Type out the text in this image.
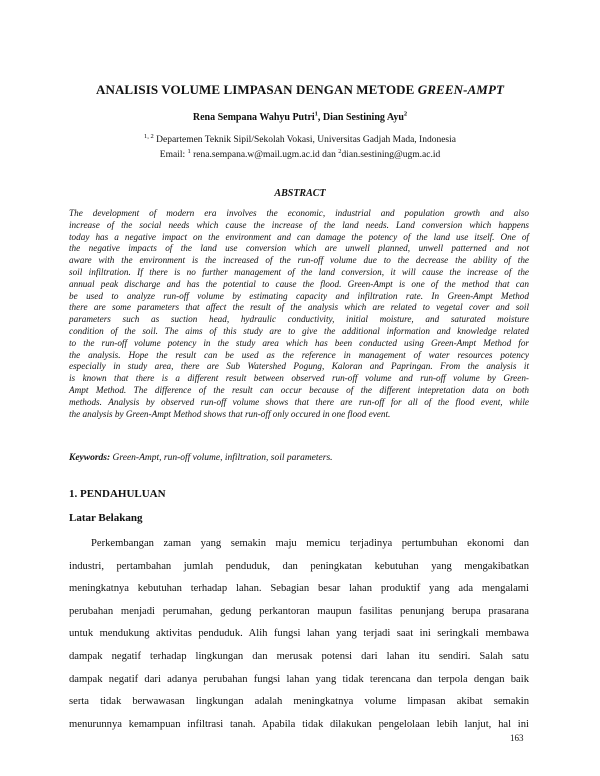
ANALISIS VOLUME LIMPASAN DENGAN METODE GREEN-AMPT
Rena Sempana Wahyu Putri$^1$, Dian Sestining Ayu$^2$
$^{1, 2}$ Departemen Teknik Sipil/Sekolah Vokasi, Universitas Gadjah Mada, Indonesia
Email: $^1$ rena.sempana.w@mail.ugm.ac.id dan $^2$dian.sestining@ugm.ac.id
ABSTRACT
The development of modern era involves the economic, industrial and population growth and also
increase of the social needs which cause the increase of the land needs. Land conversion which happens
today has a negative impact on the environment and can damage the potency of the land use itself. One of
the negative impacts of the land use conversion which are unwell planned, unwell patterned and not
aware with the environment is the increased of the run-off volume due to the decrease the ability of the
soil infiltration. If there is no further management of the land conversion, it will cause the increase of the
annual peak discharge and has the potential to cause the flood. Green-Ampt is one of the method that can
be used to analyze run-off volume by estimating capacity and infiltration rate. In Green-Ampt Method
there are some parameters that affect the result of the analysis which are related to vegetal cover and soil
parameters such as suction head, hydraulic conductivity, initial moisture, and saturated moisture
condition of the soil. The aims of this study are to give the additional information and knowledge related
to the run-off volume potency in the study area which has been conducted using Green-Ampt Method for
the analysis. Hope the result can be used as the reference in management of water resources potency
especially in study area, there are Sub Watershed Pogung, Kaloran and Papringan. From the analysis it
is known that there is a different result between observed run-off volume and run-off volume by Green-
Ampt Method. The difference of the result can occur because of the different intepretation data on both
methods. Analysis by observed run-off volume shows that there are run-off for all of the flood event, while
the analysis by Green-Ampt Method shows that run-off only occured in one flood event.
Keywords: Green-Ampt, run-off volume, infiltration, soil parameters.
1. PENDAHULUAN
Latar Belakang
Perkembangan zaman yang semakin maju memicu terjadinya pertumbuhan ekonomi dan
industri, pertambahan jumlah penduduk, dan peningkatan kebutuhan yang mengakibatkan
meningkatnya kebutuhan terhadap lahan. Sebagian besar lahan produktif yang ada mengalami
perubahan menjadi perumahan, gedung perkantoran maupun fasilitas penunjang berupa prasarana
untuk mendukung aktivitas penduduk. Alih fungsi lahan yang terjadi saat ini seringkali membawa
dampak negatif terhadap lingkungan dan merusak potensi dari lahan itu sendiri. Salah satu
dampak negatif dari adanya perubahan fungsi lahan yang tidak terencana dan terpola dengan baik
serta tidak berwawasan lingkungan adalah meningkatnya volume limpasan akibat semakin
menurunnya kemampuan infiltrasi tanah. Apabila tidak dilakukan pengelolaan lebih lanjut, hal ini
163
